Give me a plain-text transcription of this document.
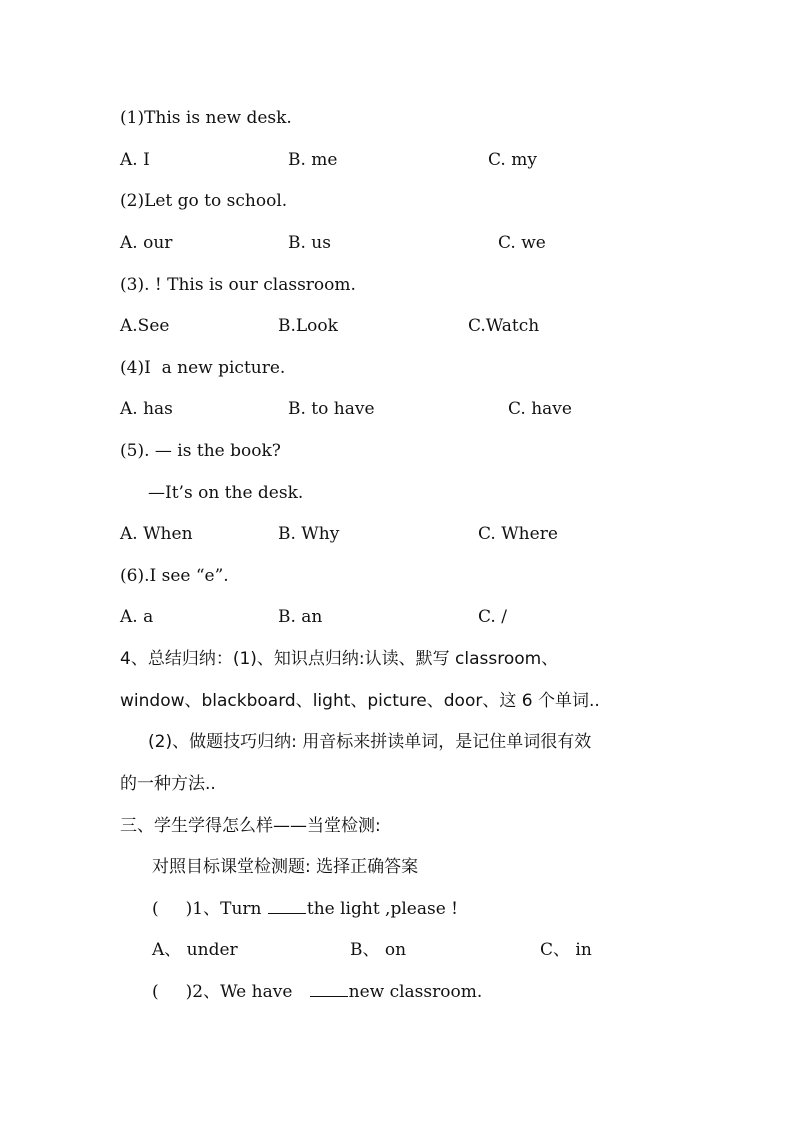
(1)This is new desk.
A. I	B. me	C. my
(2)Let go to school.
A. our	B. us	C. we
(3). ! This is our classroom.
A.See	B.Look	C.Watch
(4)I  a new picture.
A. has	B. to have	C. have
(5). — is the book?
—It’s on the desk.
A. When	B. Why	C. Where
(6).I see “e”.
A. a	B. an	C. /
4、总结归纳：(1)、知识点归纳:认读、默写 classroom、
window、blackboard、light、picture、door、这 6 个单词..
(2)、做题技巧归纳: 用音标来拼读单词，是记住单词很有效
的一种方法..
三、学生学得怎么样——当堂检测:
对照目标课堂检测题: 选择正确答案
(     )1、Turn the light ,please !
A、 under	B、 on	C、 in
(     )2、We have   new classroom.
